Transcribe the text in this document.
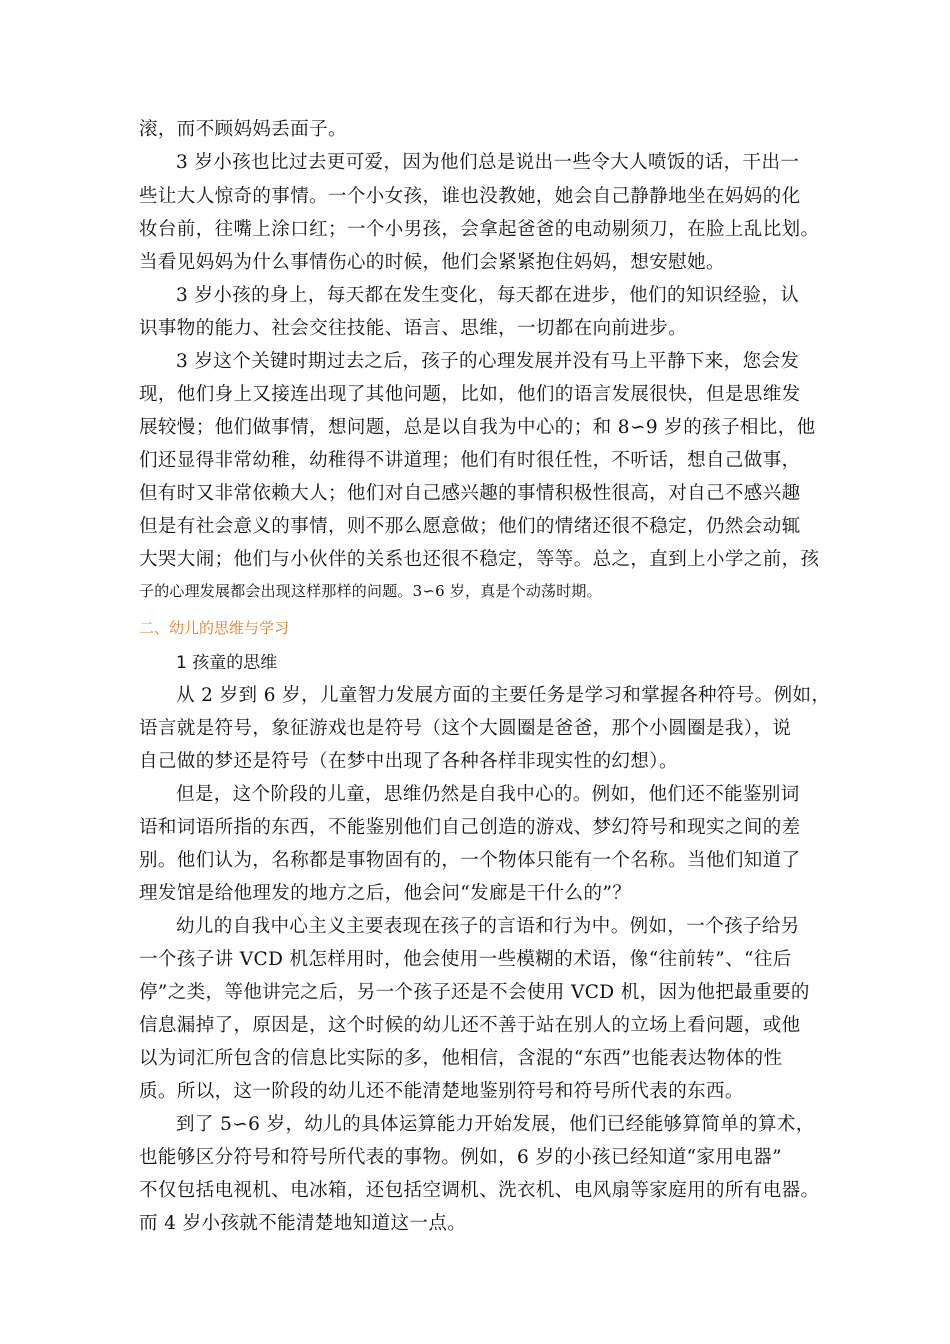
滚，而不顾妈妈丢面子。
3 岁小孩也比过去更可爱，因为他们总是说出一些令大人喷饭的话，干出一
些让大人惊奇的事情。一个小女孩，谁也没教她，她会自己静静地坐在妈妈的化
妆台前，往嘴上涂口红；一个小男孩，会拿起爸爸的电动剔须刀，在脸上乱比划。
当看见妈妈为什么事情伤心的时候，他们会紧紧抱住妈妈，想安慰她。
3 岁小孩的身上，每天都在发生变化，每天都在进步，他们的知识经验，认
识事物的能力、社会交往技能、语言、思维，一切都在向前进步。
3 岁这个关键时期过去之后，孩子的心理发展并没有马上平静下来，您会发
现，他们身上又接连出现了其他问题，比如，他们的语言发展很快，但是思维发
展较慢；他们做事情，想问题，总是以自我为中心的；和 8∽9 岁的孩子相比，他
们还显得非常幼稚，幼稚得不讲道理；他们有时很任性，不听话，想自己做事，
但有时又非常依赖大人；他们对自己感兴趣的事情积极性很高，对自己不感兴趣
但是有社会意义的事情，则不那么愿意做；他们的情绪还很不稳定，仍然会动辄
大哭大闹；他们与小伙伴的关系也还很不稳定，等等。总之，直到上小学之前，孩
子的心理发展都会出现这样那样的问题。3∽6 岁，真是个动荡时期。
二、幼儿的思维与学习
1 孩童的思维
从 2 岁到 6 岁，儿童智力发展方面的主要任务是学习和掌握各种符号。例如，
语言就是符号，象征游戏也是符号（这个大圆圈是爸爸，那个小圆圈是我），说
自己做的梦还是符号（在梦中出现了各种各样非现实性的幻想）。
但是，这个阶段的儿童，思维仍然是自我中心的。例如，他们还不能鉴别词
语和词语所指的东西，不能鉴别他们自己创造的游戏、梦幻符号和现实之间的差
别。他们认为，名称都是事物固有的，一个物体只能有一个名称。当他们知道了
理发馆是给他理发的地方之后，他会问“发廊是干什么的”？
幼儿的自我中心主义主要表现在孩子的言语和行为中。例如，一个孩子给另
一个孩子讲 VCD 机怎样用时，他会使用一些模糊的术语，像“往前转”、“往后
停”之类，等他讲完之后，另一个孩子还是不会使用 VCD 机，因为他把最重要的
信息漏掉了，原因是，这个时候的幼儿还不善于站在别人的立场上看问题，或他
以为词汇所包含的信息比实际的多，他相信，含混的“东西”也能表达物体的性
质。所以，这一阶段的幼儿还不能清楚地鉴别符号和符号所代表的东西。
到了 5∽6 岁，幼儿的具体运算能力开始发展，他们已经能够算简单的算术，
也能够区分符号和符号所代表的事物。例如，6 岁的小孩已经知道“家用电器”
不仅包括电视机、电冰箱，还包括空调机、洗衣机、电风扇等家庭用的所有电器。
而 4 岁小孩就不能清楚地知道这一点。
